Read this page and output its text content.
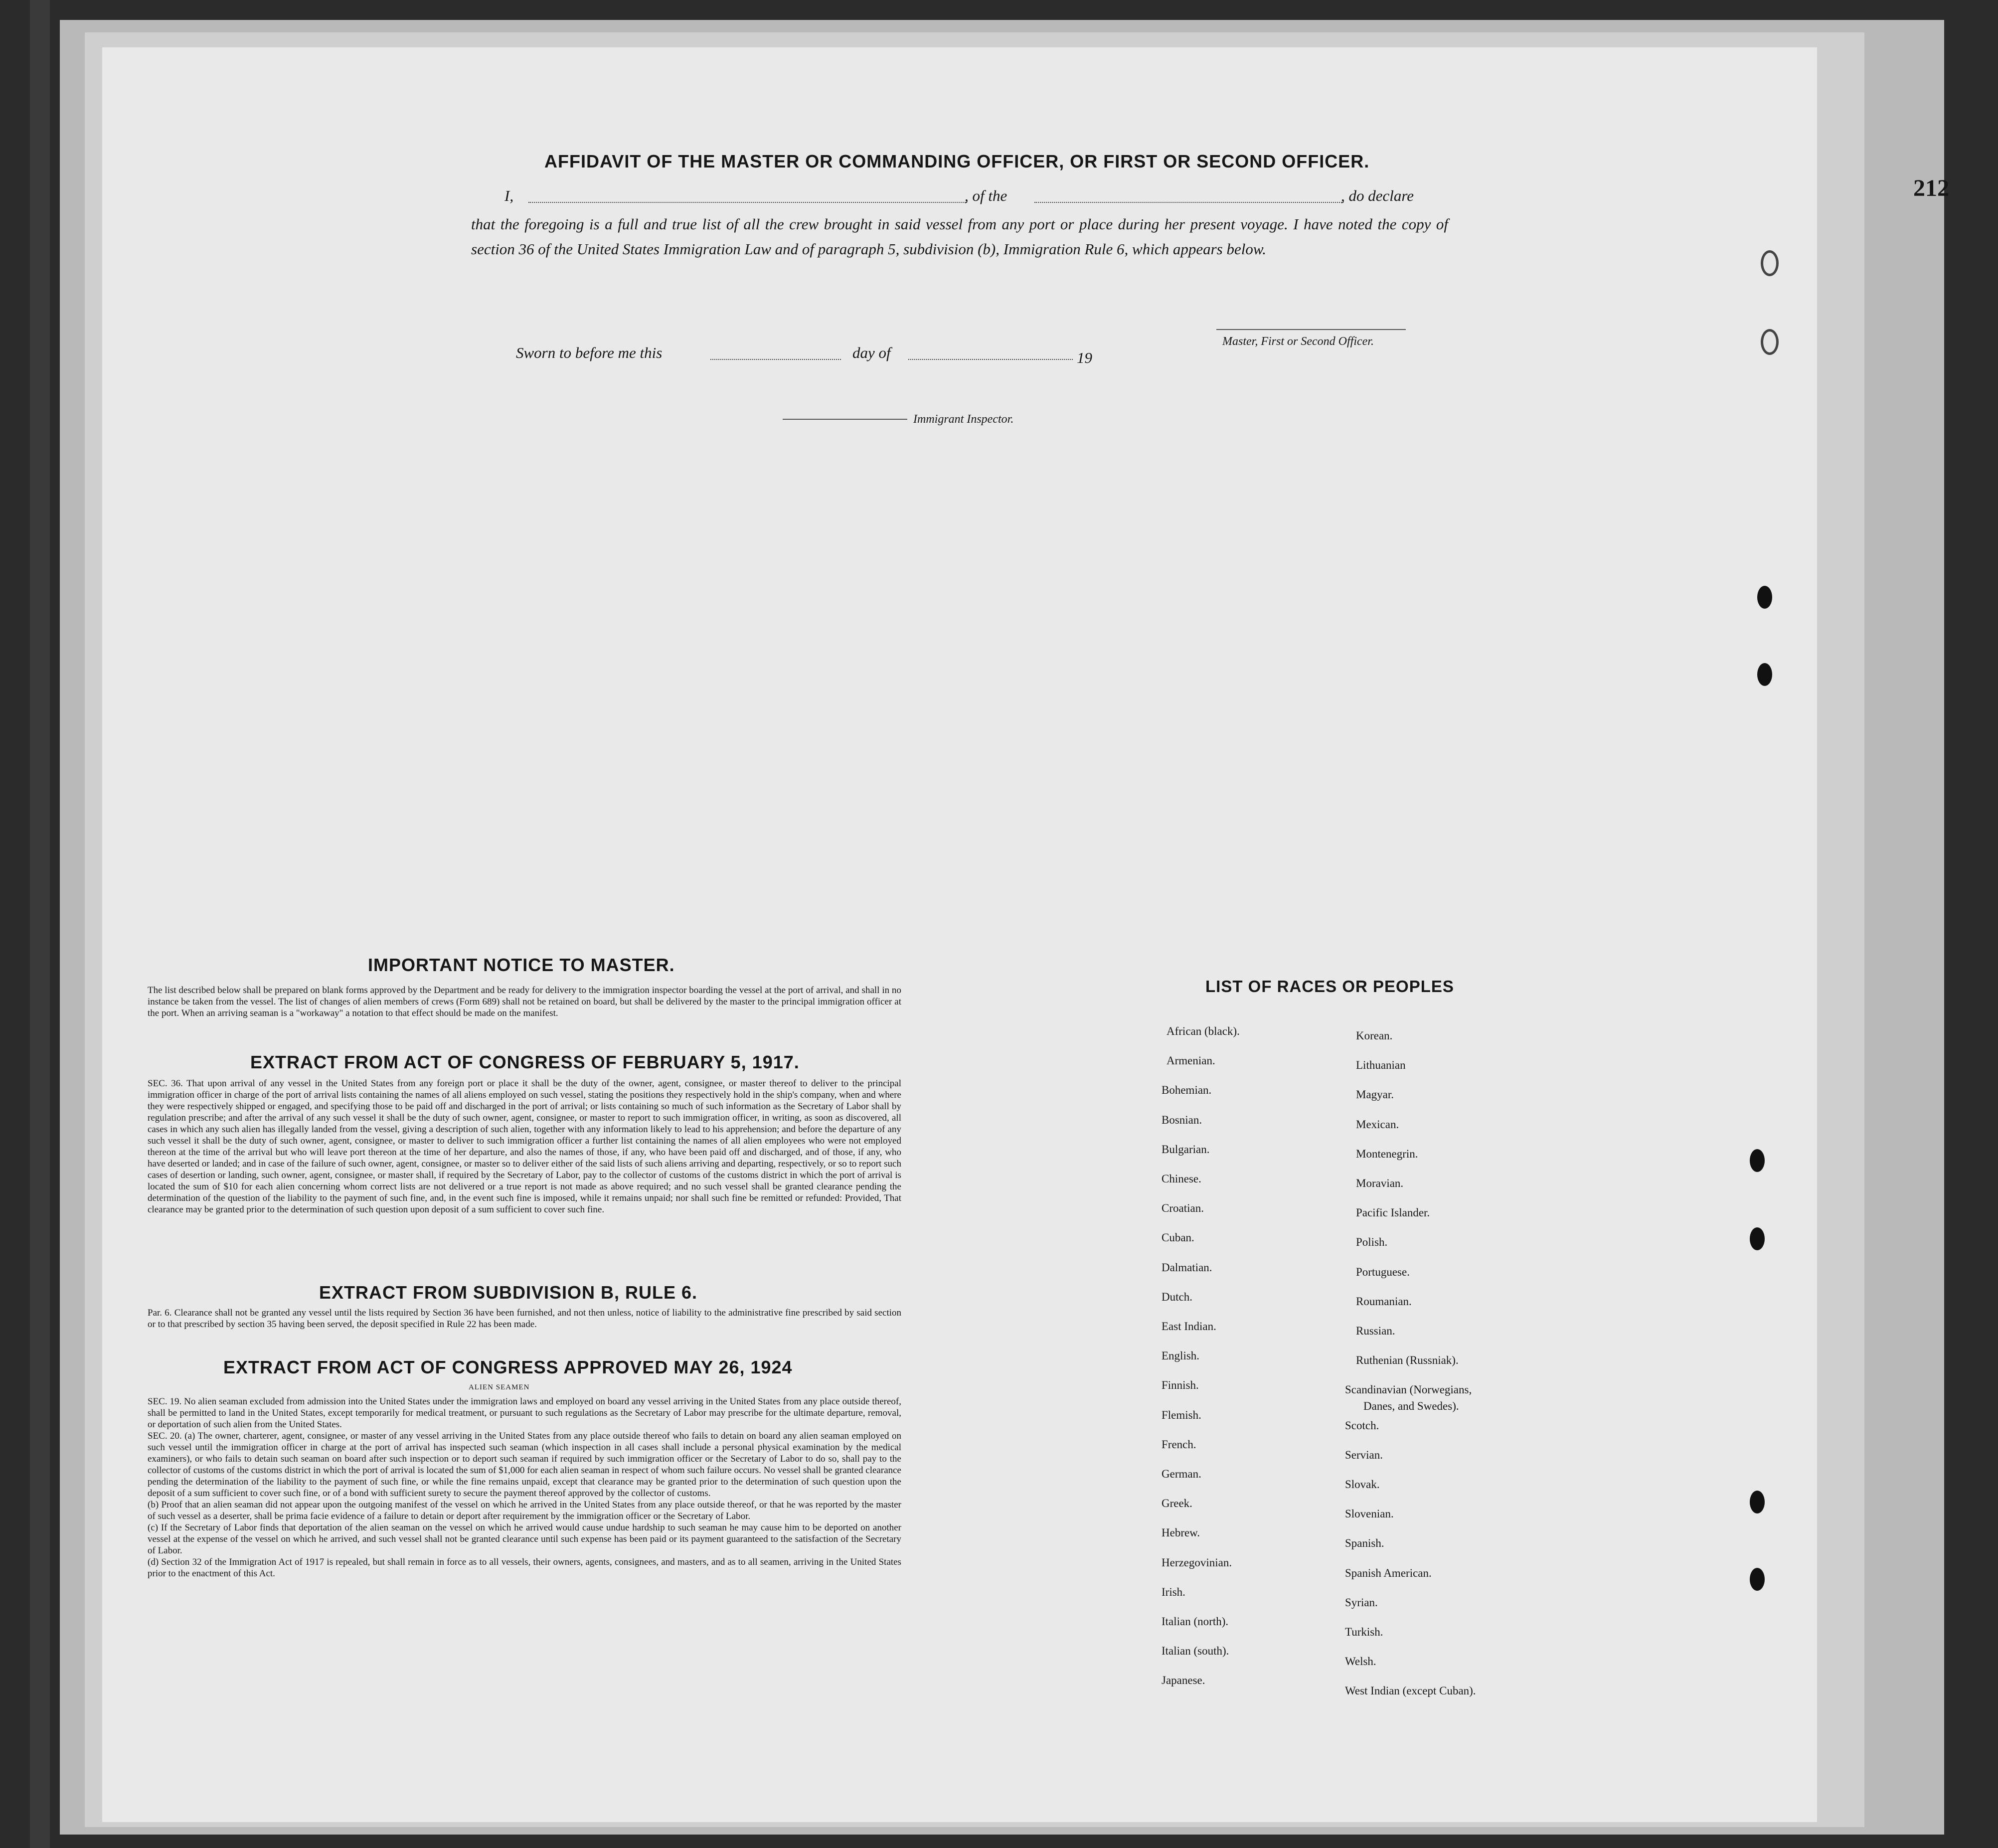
212
AFFIDAVIT OF THE MASTER OR COMMANDING OFFICER, OR FIRST OR SECOND OFFICER.
I,	, of the	, do declare
that the foregoing is a full and true list of all the crew brought in said vessel from any port or place during her present voyage. I have noted the copy of section 36 of the United States Immigration Law and of paragraph 5, subdivision (b), Immigration Rule 6, which appears below.
Sworn to before me this	day of	19
Master, First or Second Officer.
Immigrant Inspector.
IMPORTANT NOTICE TO MASTER.
The list described below shall be prepared on blank forms approved by the Department and be ready for delivery to the immigration inspector boarding the vessel at the port of arrival, and shall in no instance be taken from the vessel. The list of changes of alien members of crews (Form 689) shall not be retained on board, but shall be delivered by the master to the principal immigration officer at the port. When an arriving seaman is a "workaway" a notation to that effect should be made on the manifest.
EXTRACT FROM ACT OF CONGRESS OF FEBRUARY 5, 1917.
SEC. 36. That upon arrival of any vessel in the United States from any foreign port or place it shall be the duty of the owner, agent, consignee, or master thereof to deliver to the principal immigration officer in charge of the port of arrival lists containing the names of all aliens employed on such vessel, stating the positions they respectively hold in the ship's company, when and where they were respectively shipped or engaged, and specifying those to be paid off and discharged in the port of arrival; or lists containing so much of such information as the Secretary of Labor shall by regulation prescribe; and after the arrival of any such vessel it shall be the duty of such owner, agent, consignee, or master to report to such immigration officer, in writing, as soon as discovered, all cases in which any such alien has illegally landed from the vessel, giving a description of such alien, together with any information likely to lead to his apprehension; and before the departure of any such vessel it shall be the duty of such owner, agent, consignee, or master to deliver to such immigration officer a further list containing the names of all alien employees who were not employed thereon at the time of the arrival but who will leave port thereon at the time of her departure, and also the names of those, if any, who have been paid off and discharged, and of those, if any, who have deserted or landed; and in case of the failure of such owner, agent, consignee, or master so to deliver either of the said lists of such aliens arriving and departing, respectively, or so to report such cases of desertion or landing, such owner, agent, consignee, or master shall, if required by the Secretary of Labor, pay to the collector of customs of the customs district in which the port of arrival is located the sum of $10 for each alien concerning whom correct lists are not delivered or a true report is not made as above required; and no such vessel shall be granted clearance pending the determination of the question of the liability to the payment of such fine, and, in the event such fine is imposed, while it remains unpaid; nor shall such fine be remitted or refunded: Provided, That clearance may be granted prior to the determination of such question upon deposit of a sum sufficient to cover such fine.
EXTRACT FROM SUBDIVISION B, RULE 6.
Par. 6. Clearance shall not be granted any vessel until the lists required by Section 36 have been furnished, and not then unless, notice of liability to the administrative fine prescribed by said section or to that prescribed by section 35 having been served, the deposit specified in Rule 22 has been made.
EXTRACT FROM ACT OF CONGRESS APPROVED MAY 26, 1924
ALIEN SEAMEN

SEC. 19. No alien seaman excluded from admission into the United States under the immigration laws and employed on board any vessel arriving in the United States from any place outside thereof, shall be permitted to land in the United States, except temporarily for medical treatment, or pursuant to such regulations as the Secretary of Labor may prescribe for the ultimate departure, removal, or deportation of such alien from the United States.

SEC. 20. (a) The owner, charterer, agent, consignee, or master of any vessel arriving in the United States from any place outside thereof who fails to detain on board any alien seaman employed on such vessel until the immigration officer in charge at the port of arrival has inspected such seaman (which inspection in all cases shall include a personal physical examination by the medical examiners), or who fails to detain such seaman on board after such inspection or to deport such seaman if required by such immigration officer or the Secretary of Labor to do so, shall pay to the collector of customs of the customs district in which the port of arrival is located the sum of $1,000 for each alien seaman in respect of whom such failure occurs. No vessel shall be granted clearance pending the determination of the liability to the payment of such fine, or while the fine remains unpaid, except that clearance may be granted prior to the determination of such question upon the deposit of a sum sufficient to cover such fine, or of a bond with sufficient surety to secure the payment thereof approved by the collector of customs.

(b) Proof that an alien seaman did not appear upon the outgoing manifest of the vessel on which he arrived in the United States from any place outside thereof, or that he was reported by the master of such vessel as a deserter, shall be prima facie evidence of a failure to detain or deport after requirement by the immigration officer or the Secretary of Labor.

(c) If the Secretary of Labor finds that deportation of the alien seaman on the vessel on which he arrived would cause undue hardship to such seaman he may cause him to be deported on another vessel at the expense of the vessel on which he arrived, and such vessel shall not be granted clearance until such expense has been paid or its payment guaranteed to the satisfaction of the Secretary of Labor.

(d) Section 32 of the Immigration Act of 1917 is repealed, but shall remain in force as to all vessels, their owners, agents, consignees, and masters, and as to all seamen, arriving in the United States prior to the enactment of this Act.

LIST OF RACES OR PEOPLES
African (black).
Armenian.
Bohemian.
Bosnian.
Bulgarian.
Chinese.
Croatian.
Cuban.
Dalmatian.
Dutch.
East Indian.
English.
Finnish.
Flemish.
French.
German.
Greek.
Hebrew.
Herzegovinian.
Irish.
Italian (north).
Italian (south).
Japanese.
Korean.
Lithuanian
Magyar.
Mexican.
Montenegrin.
Moravian.
Pacific Islander.
Polish.
Portuguese.
Roumanian.
Russian.
Ruthenian (Russniak).
Scandinavian (Norwegians,
Scotch.
Servian.
Slovak.
Slovenian.
Spanish.
Spanish American.
Syrian.
Turkish.
Welsh.
West Indian (except Cuban).
Danes, and Swedes).
